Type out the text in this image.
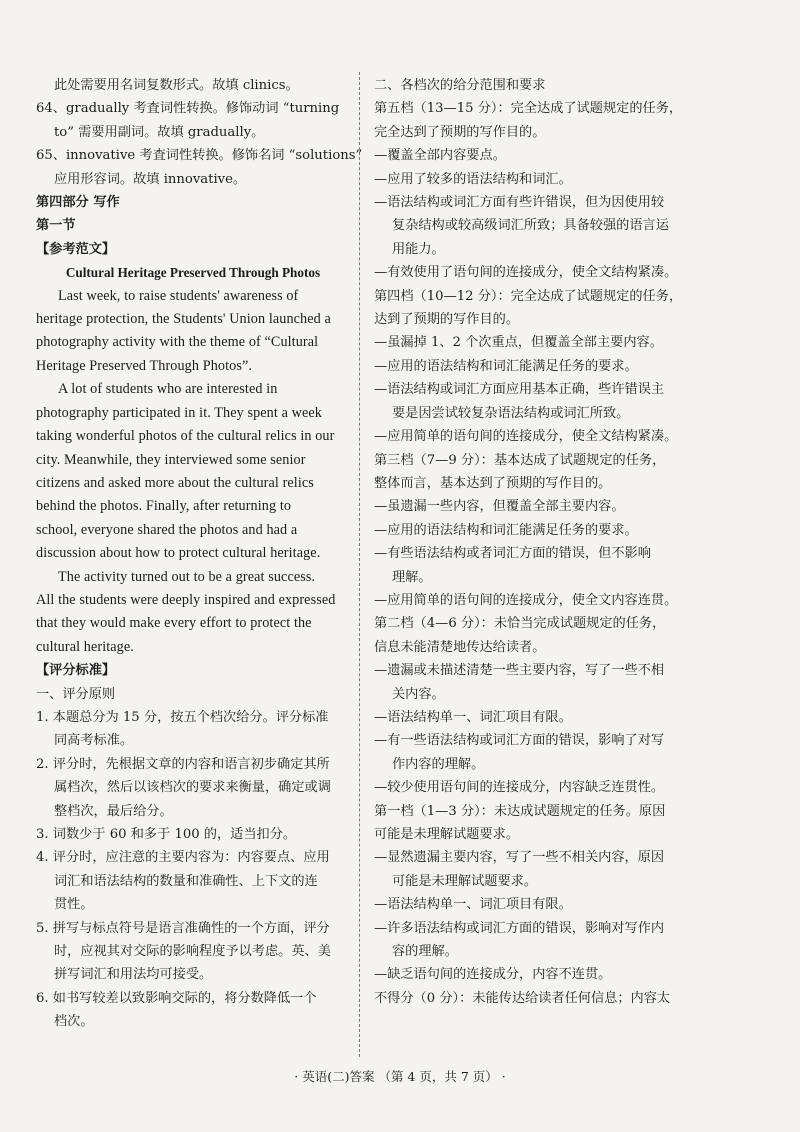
此处需要用名词复数形式。故填 clinics。
64、gradually 考査词性转换。修饰动词 “turning
to” 需要用副词。故填 gradually。
65、innovative 考査词性转换。修饰名词 “solutions”
应用形容词。故填 innovative。
第四部分 写作
第一节
【参考范文】
Cultural Heritage Preserved Through Photos
Last week, to raise students' awareness of
heritage protection, the Students' Union launched a
photography activity with the theme of “Cultural
Heritage Preserved Through Photos”.
A lot of students who are interested in
photography participated in it. They spent a week
taking wonderful photos of the cultural relics in our
city. Meanwhile, they interviewed some senior
citizens and asked more about the cultural relics
behind the photos. Finally, after returning to
school, everyone shared the photos and had a
discussion about how to protect cultural heritage.
The activity turned out to be a great success.
All the students were deeply inspired and expressed
that they would make every effort to protect the
cultural heritage.
【评分标准】
一、评分原则
1. 本题总分为 15 分，按五个档次给分。评分标准
同高考标准。
2. 评分时，先根据文章的内容和语言初步确定其所
属档次，然后以该档次的要求来衡量，确定或调
整档次，最后给分。
3. 词数少于 60 和多于 100 的，适当扣分。
4. 评分时，应注意的主要内容为：内容要点、应用
词汇和语法结构的数量和准确性、上下文的连
贯性。
5. 拼写与标点符号是语言准确性的一个方面，评分
时，应视其对交际的影响程度予以考虑。英、美
拼写词汇和用法均可接受。
6. 如书写较差以致影响交际的，将分数降低一个
档次。
二、各档次的给分范围和要求
第五档（13—15 分）：完全达成了试题规定的任务，
完全达到了预期的写作目的。
—覆盖全部内容要点。
—应用了较多的语法结构和词汇。
—语法结构或词汇方面有些许错误，但为因使用较
复杂结构或较高级词汇所致；具备较强的语言运
用能力。
—有效使用了语句间的连接成分，使全文结构紧凑。
第四档（10—12 分）：完全达成了试题规定的任务，
达到了预期的写作目的。
—虽漏掉 1、2 个次重点，但覆盖全部主要内容。
—应用的语法结构和词汇能满足任务的要求。
—语法结构或词汇方面应用基本正确，些许错误主
要是因尝试较复杂语法结构或词汇所致。
—应用简单的语句间的连接成分，使全文结构紧凑。
第三档（7—9 分）：基本达成了试题规定的任务，
整体而言，基本达到了预期的写作目的。
—虽遗漏一些内容，但覆盖全部主要内容。
—应用的语法结构和词汇能满足任务的要求。
—有些语法结构或者词汇方面的错误，但不影响
理解。
—应用简单的语句间的连接成分，使全文内容连贯。
第二档（4—6 分）：未恰当完成试题规定的任务，
信息未能清楚地传达给读者。
—遗漏或未描述清楚一些主要内容，写了一些不相
关内容。
—语法结构单一、词汇项目有限。
—有一些语法结构或词汇方面的错误，影响了对写
作内容的理解。
—较少使用语句间的连接成分，内容缺乏连贯性。
第一档（1—3 分）：未达成试题规定的任务。原因
可能是未理解试题要求。
—显然遗漏主要内容，写了一些不相关内容，原因
可能是未理解试题要求。
—语法结构单一、词汇项目有限。
—许多语法结构或词汇方面的错误，影响对写作内
容的理解。
—缺乏语句间的连接成分，内容不连贯。
不得分（0 分）：未能传达给读者任何信息；内容太
· 英语(二)答案 （第 4 页，共 7 页） ·
